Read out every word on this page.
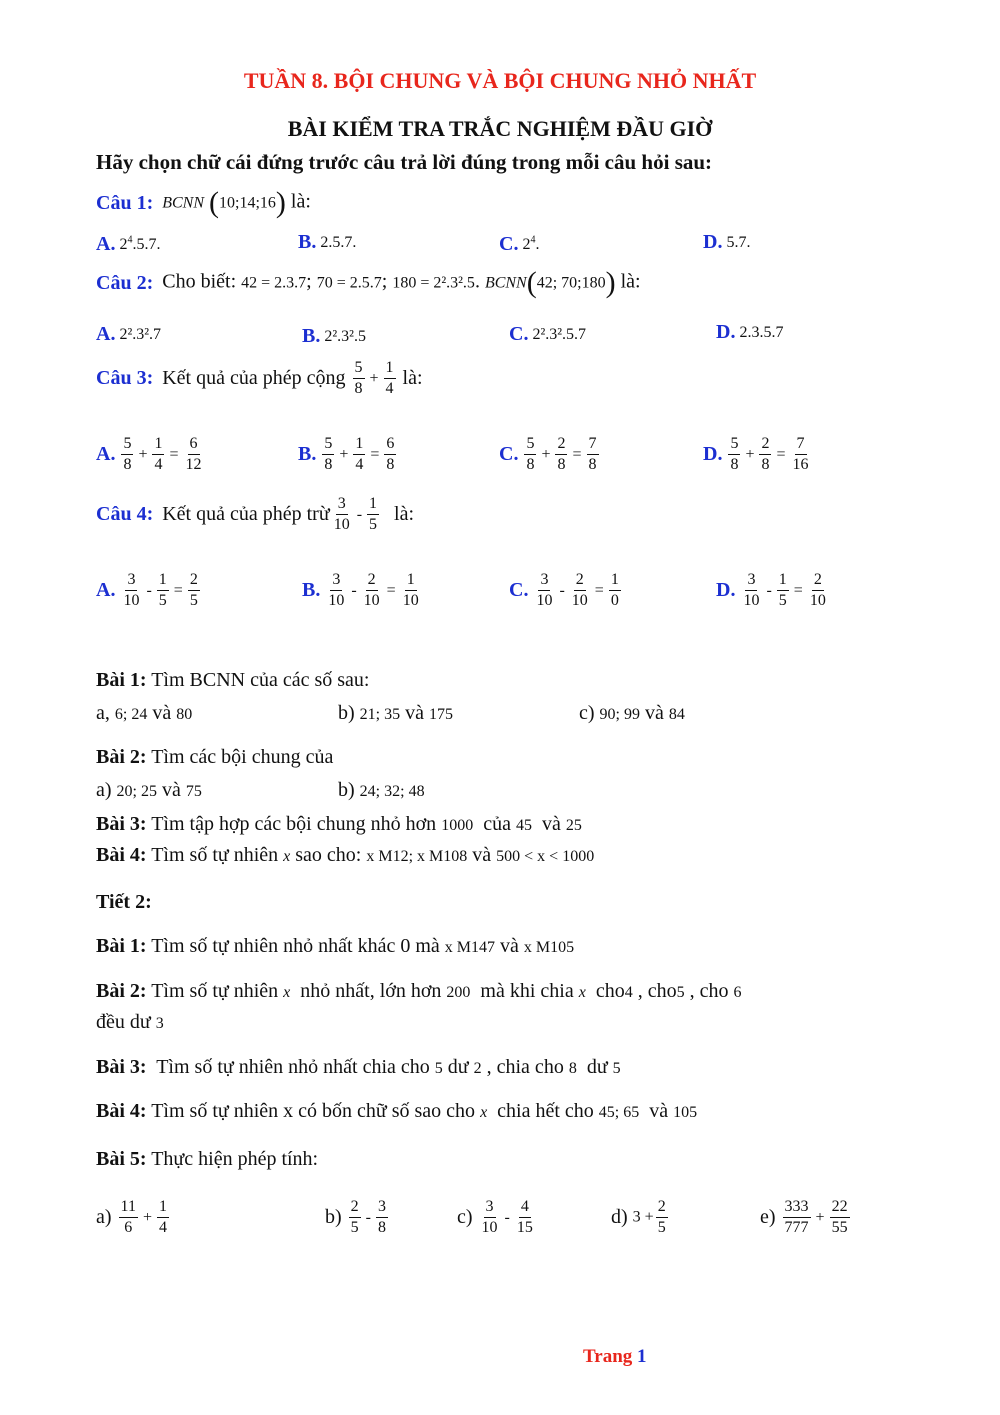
TUẦN 8. BỘI CHUNG VÀ BỘI CHUNG NHỎ NHẤT
BÀI KIỂM TRA TRẮC NGHIỆM ĐẦU GIỜ
Hãy chọn chữ cái đứng trước câu trả lời đúng trong mỗi câu hỏi sau:
Câu 1: BCNN (10;14;16) là:
A. $2^4.5.7$.	B. 2.5.7.	C. $2^4$.	D. 5.7.
Câu 2: Cho biết: 42 = 2.3.7; 70 = 2.5.7; 180 = 2².3².5. BCNN(42; 70;180) là:
A. 2².3².7	B. 2².3².5	C. 2².3².5.7	D. 2.3.5.7
Câu 3: Kết quả của phép cộng $\frac{5}{8} + \frac{1}{4}$ là:
A. $\frac{5}{8} + \frac{1}{4} = \frac{6}{12}$	B. $\frac{5}{8} + \frac{1}{4} = \frac{6}{8}$	C. $\frac{5}{8} + \frac{2}{8} = \frac{7}{8}$	D. $\frac{5}{8} + \frac{2}{8} = \frac{7}{16}$
Câu 4: Kết quả của phép trừ $\frac{3}{10} - \frac{1}{5}$ là:
A. $\frac{3}{10} - \frac{1}{5} = \frac{2}{5}$	B. $\frac{3}{10} - \frac{2}{10} = \frac{1}{10}$	C. $\frac{3}{10} - \frac{2}{10} = \frac{1}{0}$	D. $\frac{3}{10} - \frac{1}{5} = \frac{2}{10}$
Bài 1: Tìm BCNN của các số sau:
a, 6; 24 và 80	b) 21; 35 và 175	c) 90; 99 và 84
Bài 2: Tìm các bội chung của
a) 20; 25 và 75	b) 24; 32; 48
Bài 3: Tìm tập hợp các bội chung nhỏ hơn 1000 của 45 và 25
Bài 4: Tìm số tự nhiên x sao cho: x M12; x M108 và 500 < x < 1000
Tiết 2:
Bài 1: Tìm số tự nhiên nhỏ nhất khác 0 mà x M147 và x M105
Bài 2: Tìm số tự nhiên x nhỏ nhất, lớn hơn 200 mà khi chia x cho4 , cho5 , cho 6
đều dư 3
Bài 3: Tìm số tự nhiên nhỏ nhất chia cho 5 dư 2 , chia cho 8 dư 5
Bài 4: Tìm số tự nhiên x có bốn chữ số sao cho x chia hết cho 45; 65 và 105
Bài 5: Thực hiện phép tính:
$a) \frac{11}{6} + \frac{1}{4}$	$b) \frac{2}{5} - \frac{3}{8}$	$c) \frac{3}{10} - \frac{4}{15}$	d) $3 + \frac{2}{5}$	$e) \frac{333}{777} + \frac{22}{55}$
Trang 1
